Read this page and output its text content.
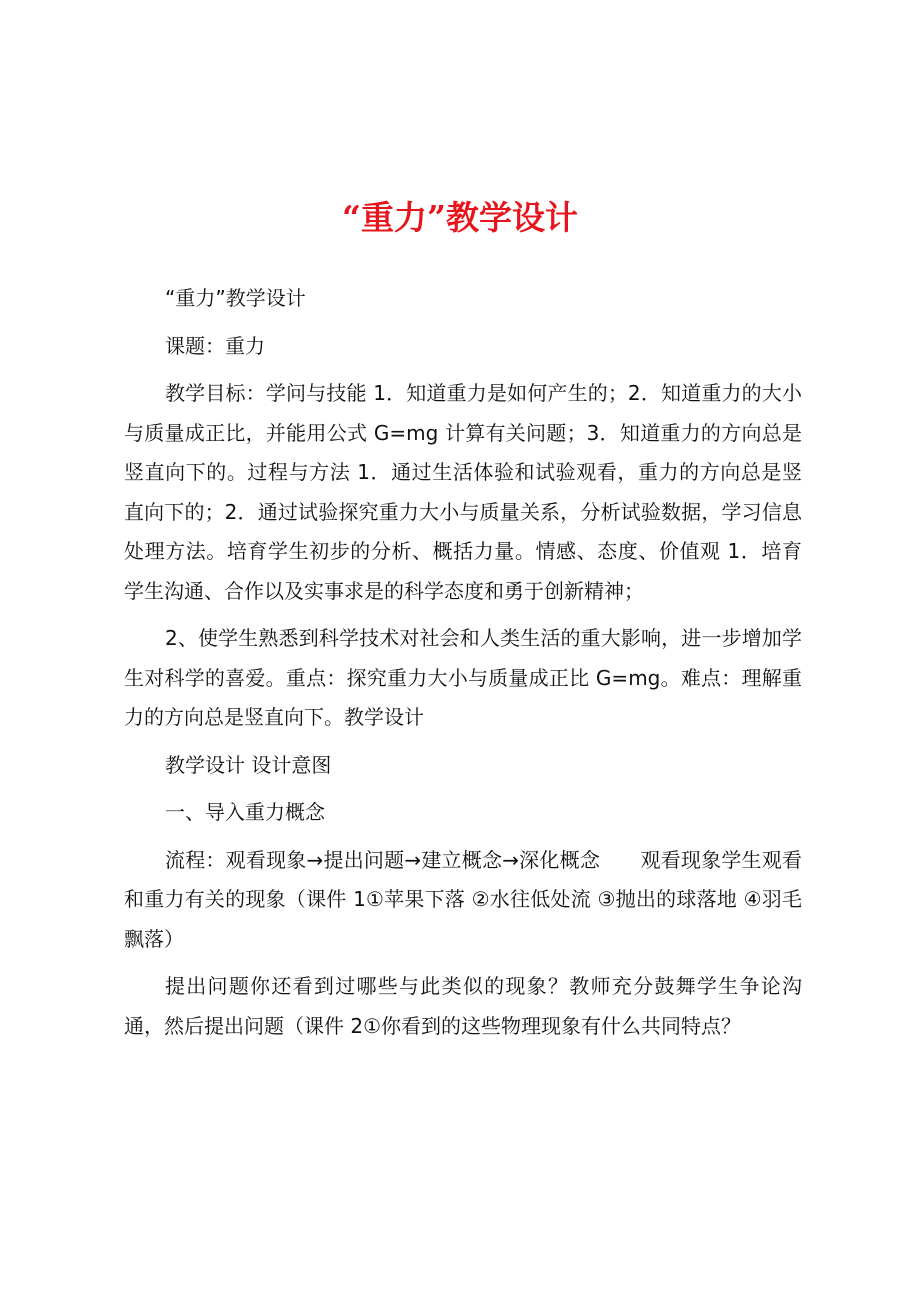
“重力”教学设计

“重力”教学设计

课题：重力

教学目标：学问与技能 1．知道重力是如何产生的；2．知道重力的大小与质量成正比，并能用公式 G=mg 计算有关问题；3．知道重力的方向总是竖直向下的。过程与方法 1．通过生活体验和试验观看，重力的方向总是竖直向下的；2．通过试验探究重力大小与质量关系，分析试验数据，学习信息处理方法。培育学生初步的分析、概括力量。情感、态度、价值观 1．培育学生沟通、合作以及实事求是的科学态度和勇于创新精神；

2、使学生熟悉到科学技术对社会和人类生活的重大影响，进一步增加学生对科学的喜爱。重点：探究重力大小与质量成正比 G=mg。难点：理解重力的方向总是竖直向下。教学设计

教学设计 设计意图

一、导入重力概念

流程：观看现象→提出问题→建立概念→深化概念　　观看现象学生观看和重力有关的现象（课件 1①苹果下落 ②水往低处流 ③抛出的球落地 ④羽毛飘落）

提出问题你还看到过哪些与此类似的现象？教师充分鼓舞学生争论沟通，然后提出问题（课件 2①你看到的这些物理现象有什么共同特点？
